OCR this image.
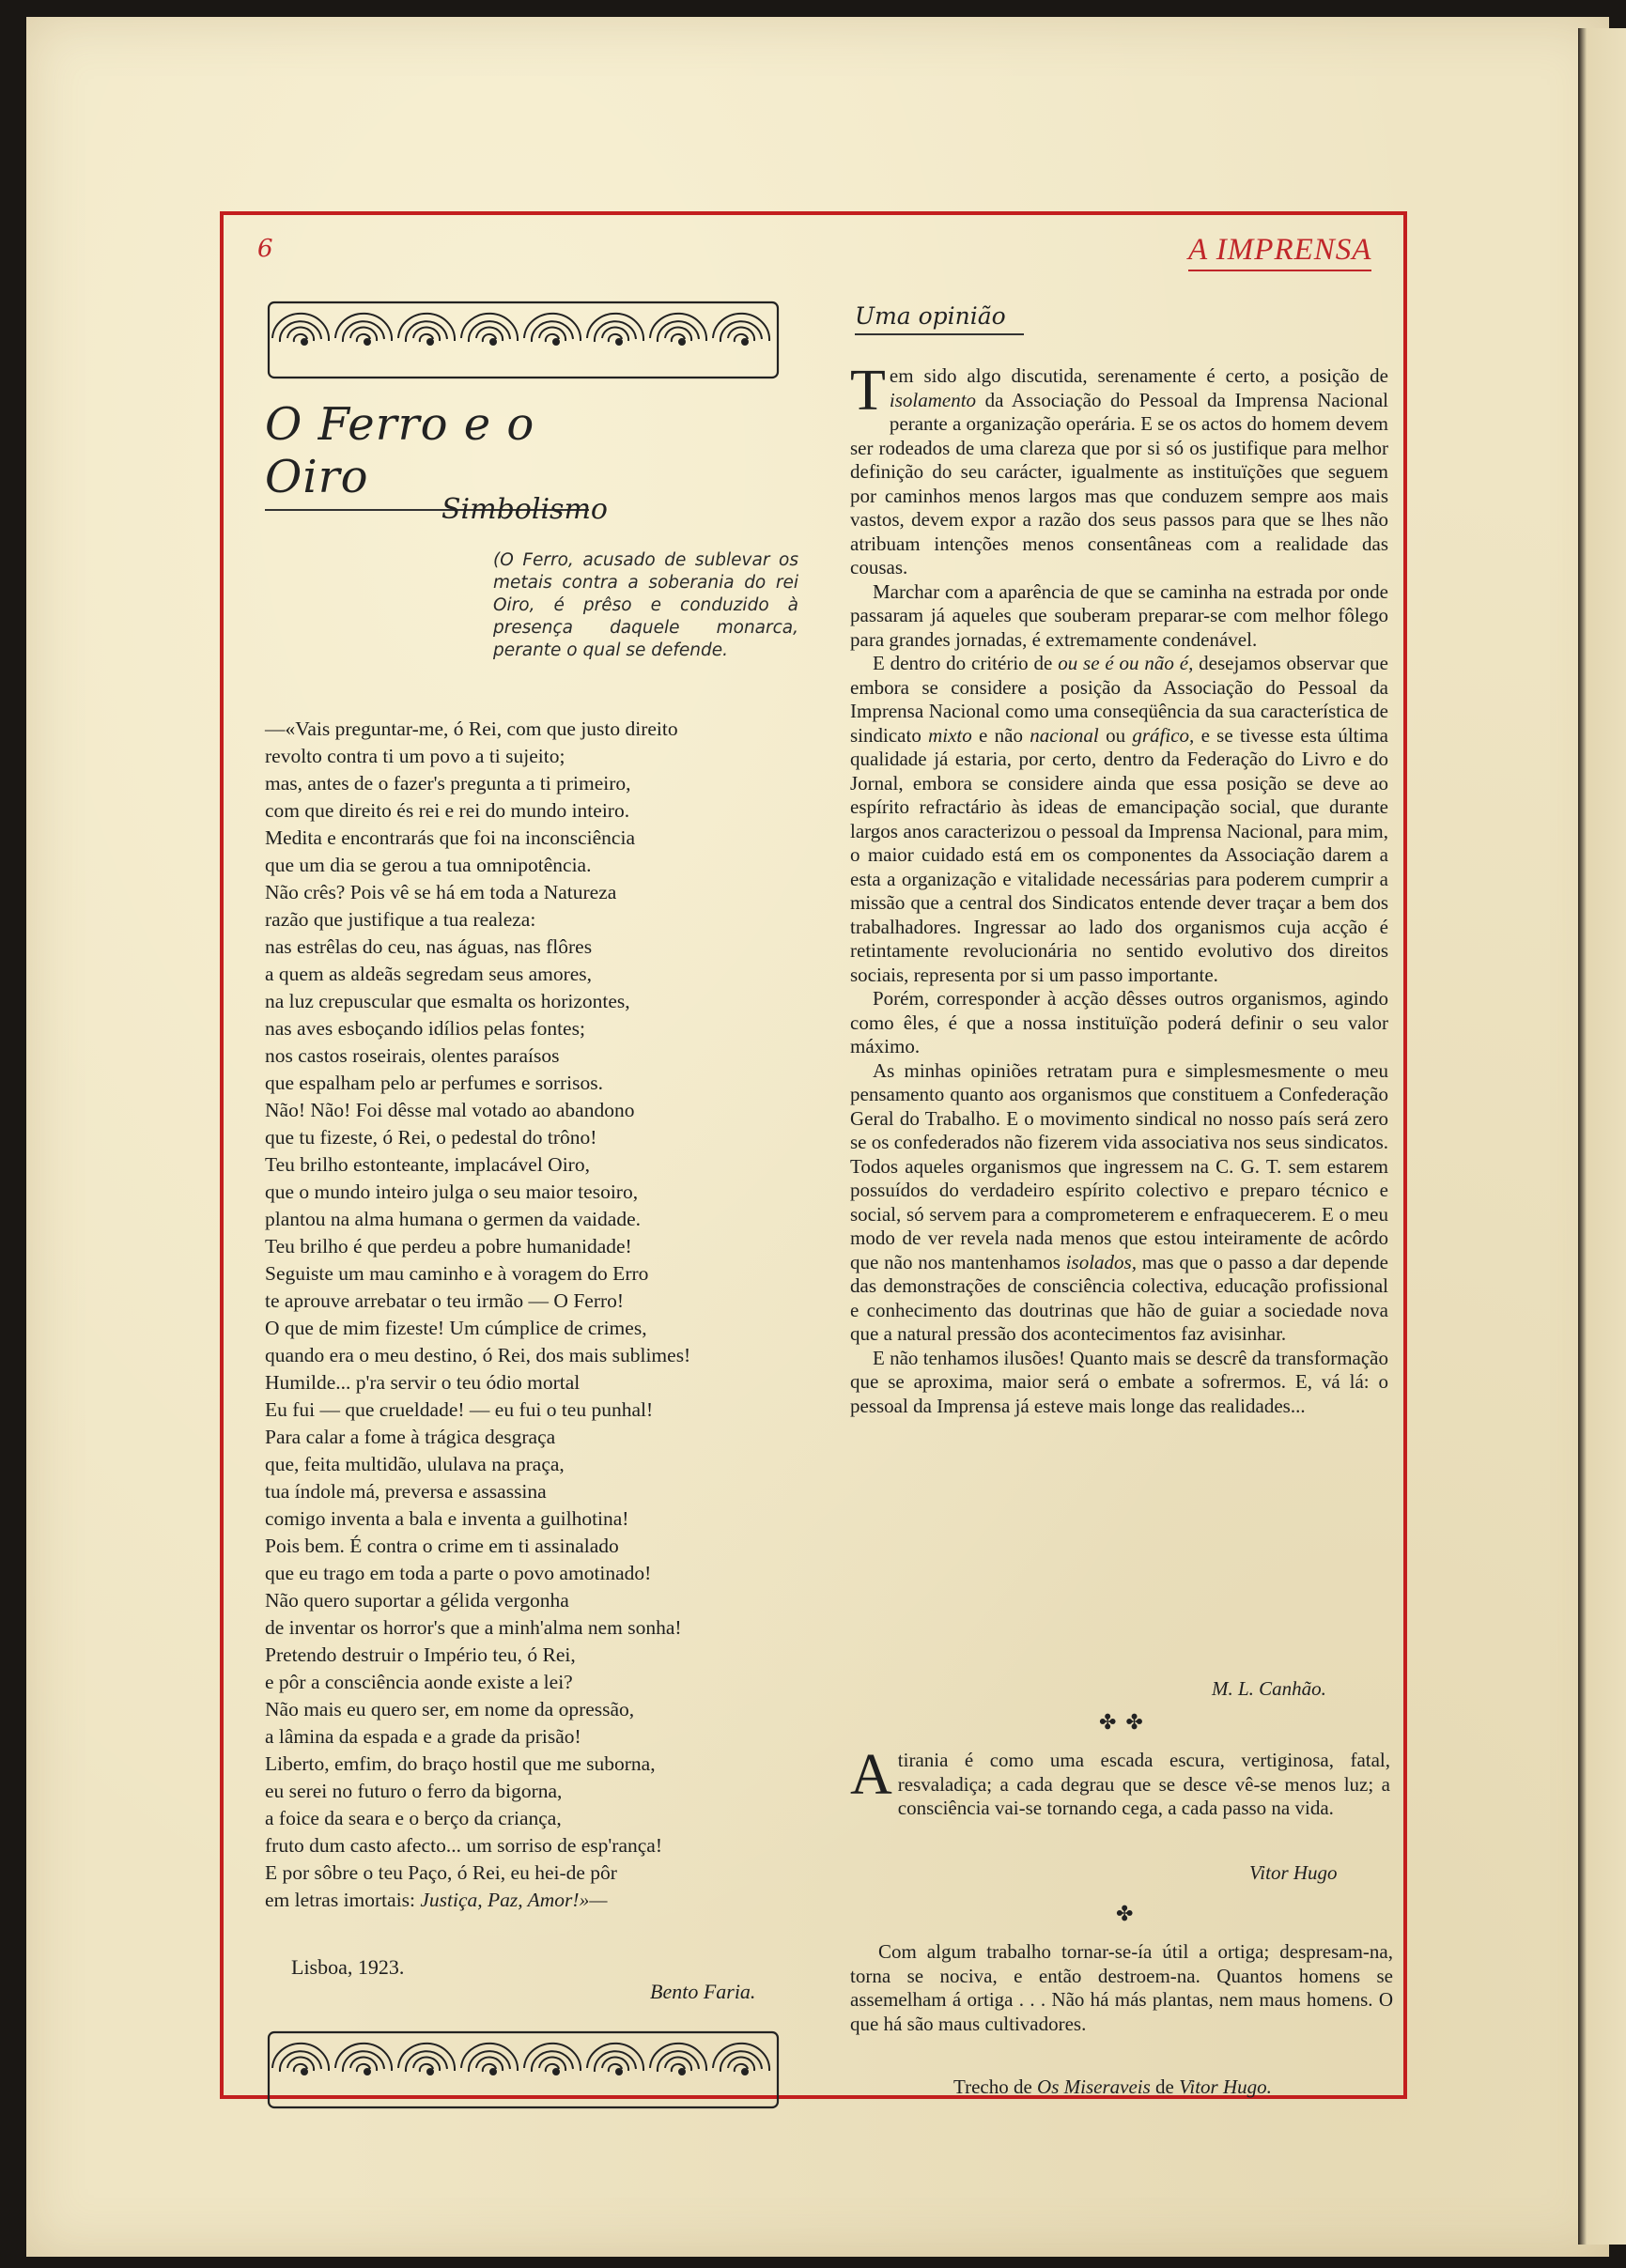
6	A IMPRENSA
O Ferro e o Oiro
Simbolismo
(O Ferro, acusado de sublevar os metais contra a soberania do rei Oiro, é prêso e conduzido à presença daquele monarca, perante o qual se defende.
—«Vais preguntar-me, ó Rei, com que justo direito
revolto contra ti um povo a ti sujeito;
mas, antes de o fazer's pregunta a ti primeiro,
com que direito és rei e rei do mundo inteiro.
Medita e encontrarás que foi na inconsciência
que um dia se gerou a tua omnipotência.
Não crês? Pois vê se há em toda a Natureza
razão que justifique a tua realeza:
nas estrêlas do ceu, nas águas, nas flôres
a quem as aldeãs segredam seus amores,
na luz crepuscular que esmalta os horizontes,
nas aves esboçando idílios pelas fontes;
nos castos roseirais, olentes paraísos
que espalham pelo ar perfumes e sorrisos.
Não! Não! Foi dêsse mal votado ao abandono
que tu fizeste, ó Rei, o pedestal do trôno!
Teu brilho estonteante, implacável Oiro,
que o mundo inteiro julga o seu maior tesoiro,
plantou na alma humana o germen da vaidade.
Teu brilho é que perdeu a pobre humanidade!
Seguiste um mau caminho e à voragem do Erro
te aprouve arrebatar o teu irmão — O Ferro!
O que de mim fizeste! Um cúmplice de crimes,
quando era o meu destino, ó Rei, dos mais sublimes!
Humilde... p'ra servir o teu ódio mortal
Eu fui — que crueldade! — eu fui o teu punhal!
Para calar a fome à trágica desgraça
que, feita multidão, ululava na praça,
tua índole má, preversa e assassina
comigo inventa a bala e inventa a guilhotina!
Pois bem. É contra o crime em ti assinalado
que eu trago em toda a parte o povo amotinado!
Não quero suportar a gélida vergonha
de inventar os horror's que a minh'alma nem sonha!
Pretendo destruir o Império teu, ó Rei,
e pôr a consciência aonde existe a lei?
Não mais eu quero ser, em nome da opressão,
a lâmina da espada e a grade da prisão!
Liberto, emfim, do braço hostil que me suborna,
eu serei no futuro o ferro da bigorna,
a foice da seara e o berço da criança,
fruto dum casto afecto... um sorriso de esp'rança!
E por sôbre o teu Paço, ó Rei, eu hei-de pôr
em letras imortais: Justiça, Paz, Amor!»—
Lisboa, 1923.
Bento Faria.
Uma opinião

Tem sido algo discutida, serenamente é certo, a posição de isolamento da Associação do Pessoal da Imprensa Nacional perante a organização operária. E se os actos do homem devem ser rodeados de uma clareza que por si só os justifique para melhor definição do seu carácter, igualmente as instituïções que seguem por caminhos menos largos mas que conduzem sempre aos mais vastos, devem expor a razão dos seus passos para que se lhes não atribuam intenções menos consentâneas com a realidade das cousas.

Marchar com a aparência de que se caminha na estrada por onde passaram já aqueles que souberam preparar-se com melhor fôlego para grandes jornadas, é extremamente condenável.

E dentro do critério de ou se é ou não é, desejamos observar que embora se considere a posição da Associação do Pessoal da Imprensa Nacional como uma conseqüência da sua característica de sindicato mixto e não nacional ou gráfico, e se tivesse esta última qualidade já estaria, por certo, dentro da Federação do Livro e do Jornal, embora se considere ainda que essa posição se deve ao espírito refractário às ideas de emancipação social, que durante largos anos caracterizou o pessoal da Imprensa Nacional, para mim, o maior cuidado está em os componentes da Associação darem a esta a organização e vitalidade necessárias para poderem cumprir a missão que a central dos Sindicatos entende dever traçar a bem dos trabalhadores. Ingressar ao lado dos organismos cuja acção é retintamente revolucionária no sentido evolutivo dos direitos sociais, representa por si um passo importante.

Porém, corresponder à acção dêsses outros organismos, agindo como êles, é que a nossa instituïção poderá definir o seu valor máximo.

As minhas opiniões retratam pura e simplesmesmente o meu pensamento quanto aos organismos que constituem a Confederação Geral do Trabalho. E o movimento sindical no nosso país será zero se os confederados não fizerem vida associativa nos seus sindicatos. Todos aqueles organismos que ingressem na C. G. T. sem estarem possuídos do verdadeiro espírito colectivo e preparo técnico e social, só servem para a comprometerem e enfraquecerem. E o meu modo de ver revela nada menos que estou inteiramente de acôrdo que não nos mantenhamos isolados, mas que o passo a dar depende das demonstrações de consciência colectiva, educação profissional e conhecimento das doutrinas que hão de guiar a sociedade nova que a natural pressão dos acontecimentos faz avisinhar.

E não tenhamos ilusões! Quanto mais se descrê da transformação que se aproxima, maior será o embate a sofrermos. E, vá lá: o pessoal da Imprensa já esteve mais longe das realidades...

M. L. Canhão.
✤✤
Atirania é como uma escada escura, vertiginosa, fatal, resvaladiça; a cada degrau que se desce vê-se menos luz; a consciência vai-se tornando cega, a cada passo na vida.
Vitor Hugo
✤
Com algum trabalho tornar-se-ía útil a ortiga; despresam-na, torna se nociva, e então destroem-na. Quantos homens se assemelham á ortiga . . . Não há más plantas, nem maus homens. O que há são maus cultivadores.
Trecho de Os Miseraveis de Vitor Hugo.
